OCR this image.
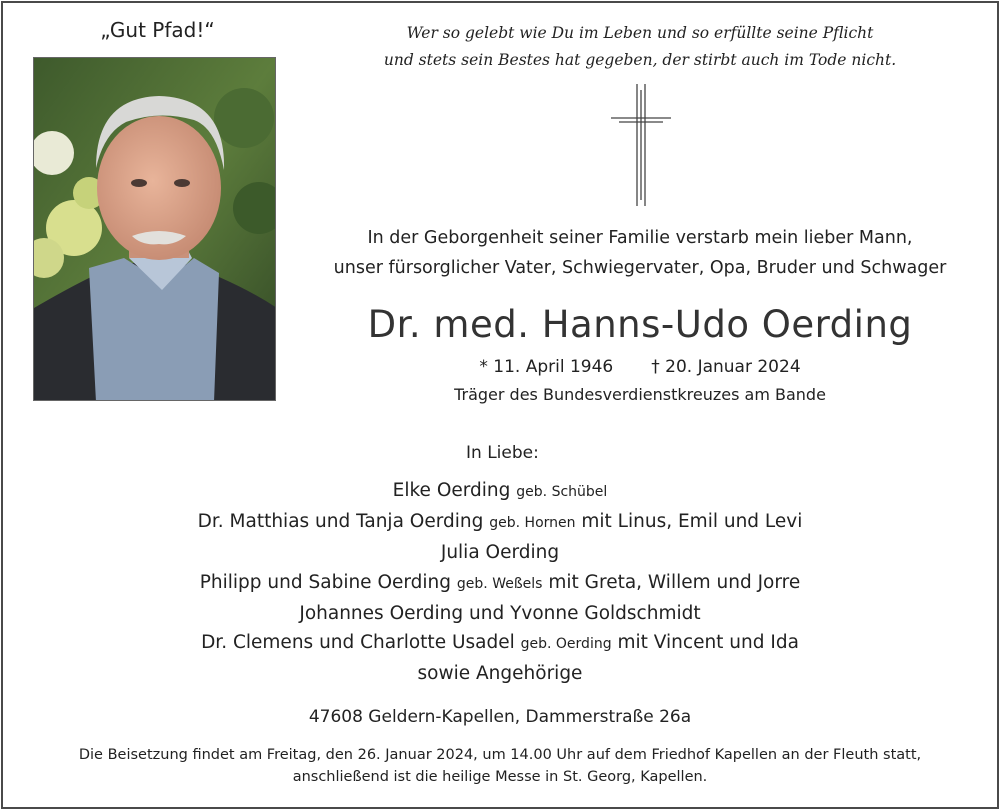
„Gut Pfad!“	Wer so gelebt wie Du im Leben und so erfüllte seine Pflicht
und stets sein Bestes hat gegeben, der stirbt auch im Tode nicht.
In der Geborgenheit seiner Familie verstarb mein lieber Mann,
unser fürsorglicher Vater, Schwiegervater, Opa, Bruder und Schwager
Dr. med. Hanns-Udo Oerding
* 11. April 1946 † 20. Januar 2024
Träger des Bundesverdienstkreuzes am Bande
In Liebe:
Elke Oerding geb. Schübel
Dr. Matthias und Tanja Oerding geb. Hornen mit Linus, Emil und Levi
Julia Oerding
Philipp und Sabine Oerding geb. Weßels mit Greta, Willem und Jorre
Johannes Oerding und Yvonne Goldschmidt
Dr. Clemens und Charlotte Usadel geb. Oerding mit Vincent und Ida
sowie Angehörige
47608 Geldern-Kapellen, Dammerstraße 26a
Die Beisetzung findet am Freitag, den 26. Januar 2024, um 14.00 Uhr auf dem Friedhof Kapellen an der Fleuth statt,
anschließend ist die heilige Messe in St. Georg, Kapellen.
